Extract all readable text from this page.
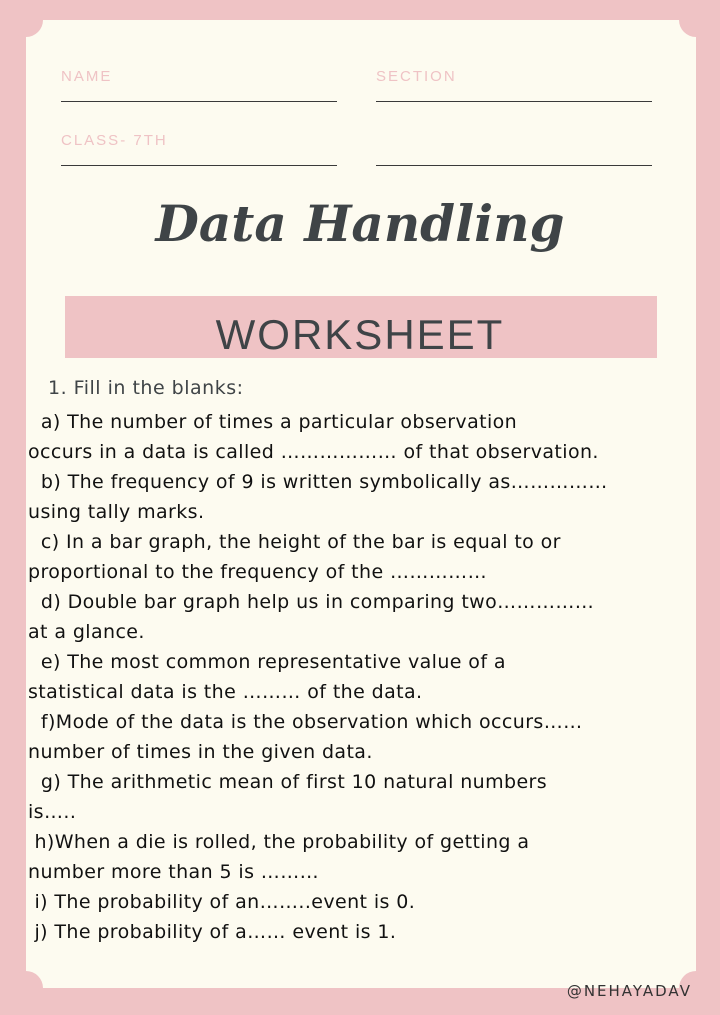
NAME	SECTION
CLASS- 7TH
Data Handling
WORKSHEET
1. Fill in the blanks:
a) The number of times a particular observation
occurs in a data is called ……………… of that observation.
b) The frequency of 9 is written symbolically as……………
using tally marks.
c) In a bar graph, the height of the bar is equal to or
proportional to the frequency of the ……………
d) Double bar graph help us in comparing two……………
at a glance.
e) The most common representative value of a
statistical data is the ……… of the data.
f)Mode of the data is the observation which occurs……
number of times in the given data.
g) The arithmetic mean of first 10 natural numbers
is…..
h)When a die is rolled, the probability of getting a
number more than 5 is ………
i) The probability of an……..event is 0.
j) The probability of a…… event is 1.
@NEHAYADAV
